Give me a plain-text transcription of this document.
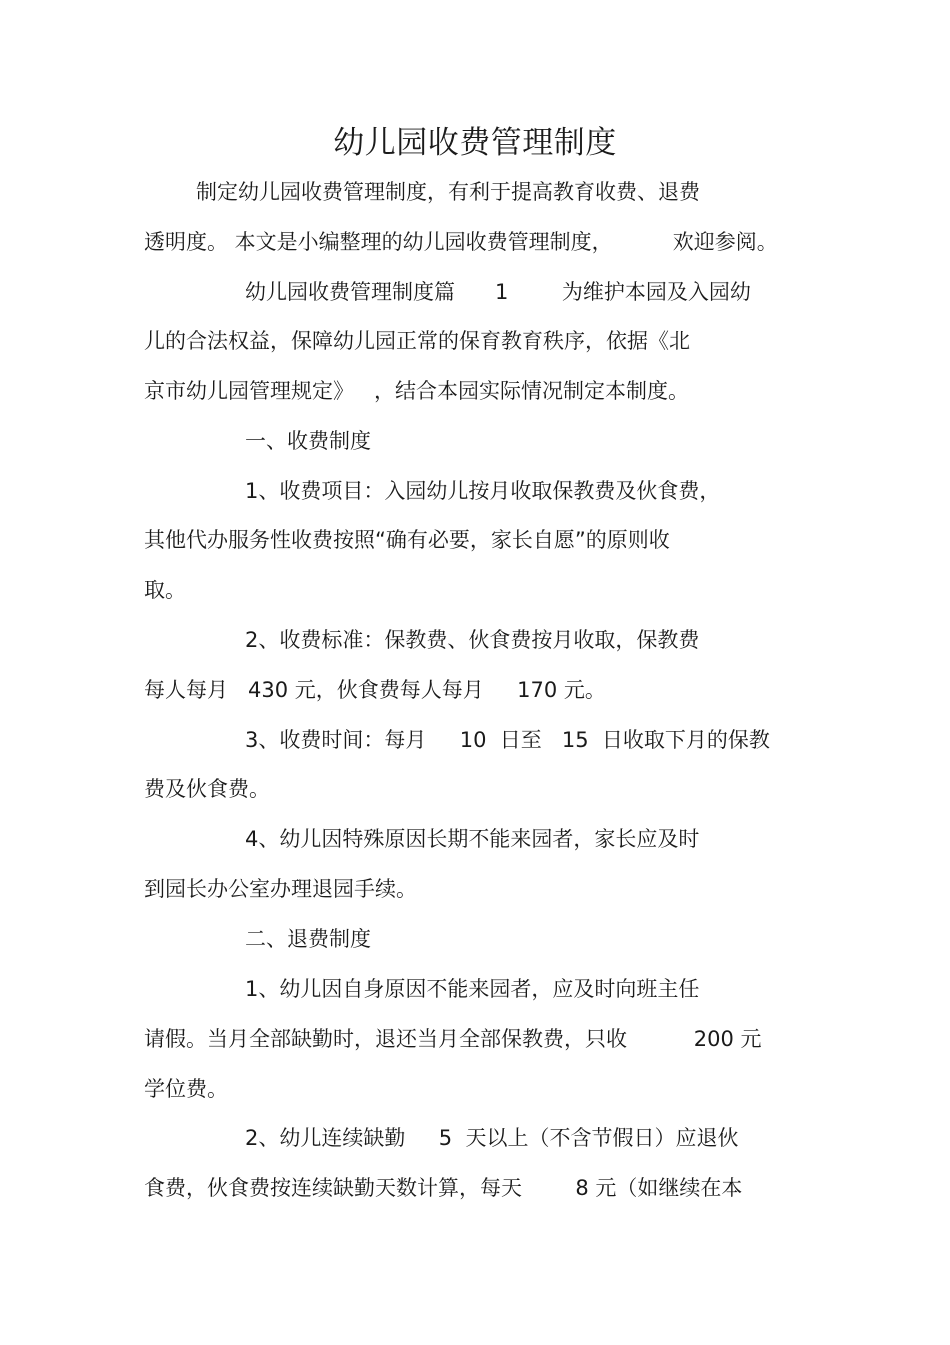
幼儿园收费管理制度
制定幼儿园收费管理制度，有利于提高教育收费、退费
透明度。 本文是小编整理的幼儿园收费管理制度，         欢迎参阅。
幼儿园收费管理制度篇      1        为维护本园及入园幼
儿的合法权益，保障幼儿园正常的保育教育秩序，依据《北
京市幼儿园管理规定》   ，结合本园实际情况制定本制度。
一、收费制度
1、收费项目：入园幼儿按月收取保教费及伙食费，
其他代办服务性收费按照“确有必要，家长自愿”的原则收
取。
2、收费标准：保教费、伙食费按月收取，保教费
每人每月   430 元，伙食费每人每月     170 元。
3、收费时间：每月     10  日至   15  日收取下月的保教
费及伙食费。
4、幼儿因特殊原因长期不能来园者，家长应及时
到园长办公室办理退园手续。
二、退费制度
1、幼儿因自身原因不能来园者，应及时向班主任
请假。当月全部缺勤时，退还当月全部保教费，只收          200 元
学位费。
2、幼儿连续缺勤     5  天以上（不含节假日）应退伙
食费，伙食费按连续缺勤天数计算，每天        8 元（如继续在本
